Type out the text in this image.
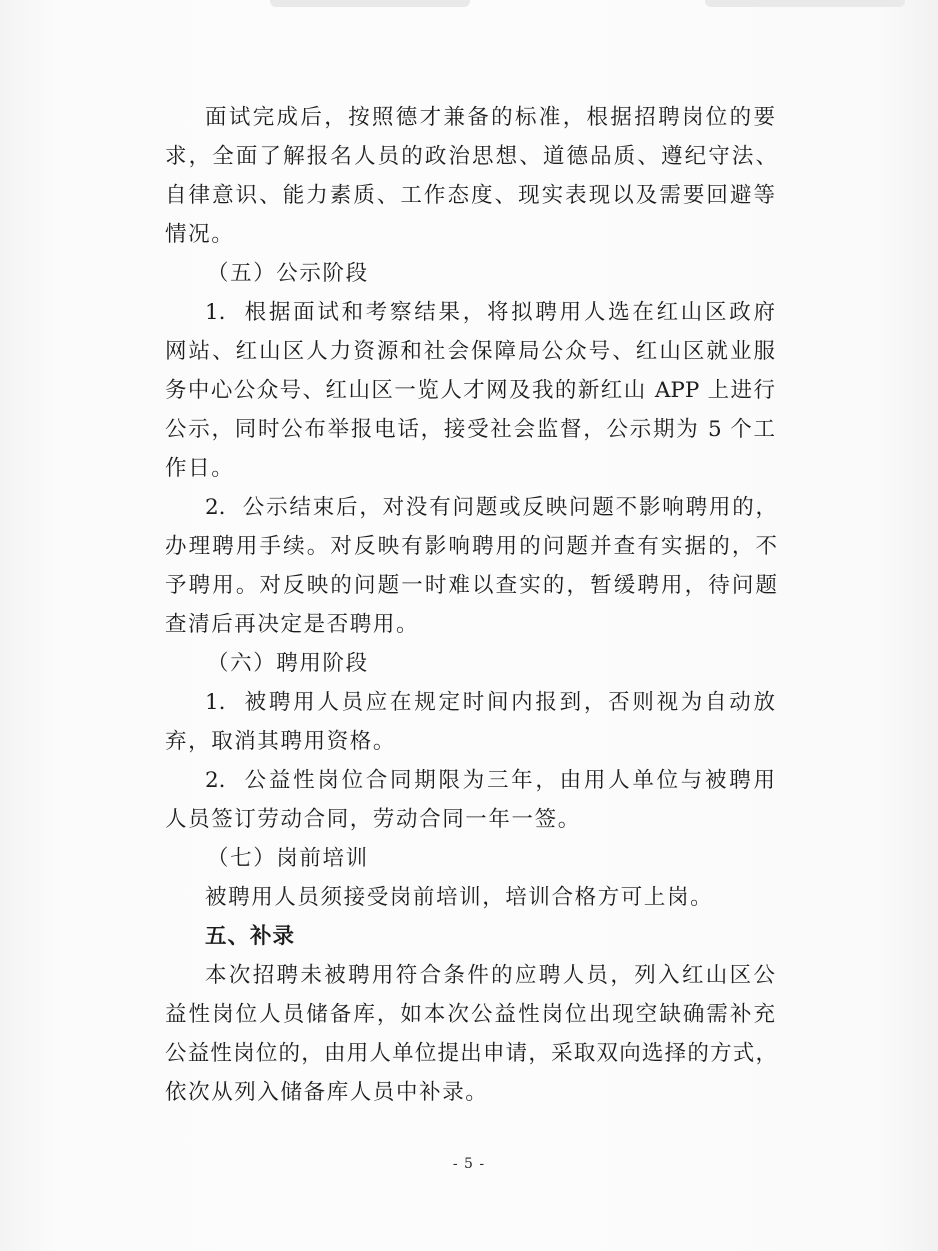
面试完成后，按照德才兼备的标准，根据招聘岗位的要

求，全面了解报名人员的政治思想、道德品质、遵纪守法、

自律意识、能力素质、工作态度、现实表现以及需要回避等

情况。

（五）公示阶段

1.  根据面试和考察结果，将拟聘用人选在红山区政府

网站、红山区人力资源和社会保障局公众号、红山区就业服

务中心公众号、红山区一览人才网及我的新红山 APP 上进行

公示，同时公布举报电话，接受社会监督，公示期为 5 个工

作日。

2.  公示结束后，对没有问题或反映问题不影响聘用的，

办理聘用手续。对反映有影响聘用的问题并查有实据的，不

予聘用。对反映的问题一时难以查实的，暂缓聘用，待问题

查清后再决定是否聘用。

（六）聘用阶段

1.  被聘用人员应在规定时间内报到，否则视为自动放

弃，取消其聘用资格。

2.  公益性岗位合同期限为三年，由用人单位与被聘用

人员签订劳动合同，劳动合同一年一签。

（七）岗前培训

被聘用人员须接受岗前培训，培训合格方可上岗。

五、补录

本次招聘未被聘用符合条件的应聘人员，列入红山区公

益性岗位人员储备库，如本次公益性岗位出现空缺确需补充

公益性岗位的，由用人单位提出申请，采取双向选择的方式，

依次从列入储备库人员中补录。

- 5 -
